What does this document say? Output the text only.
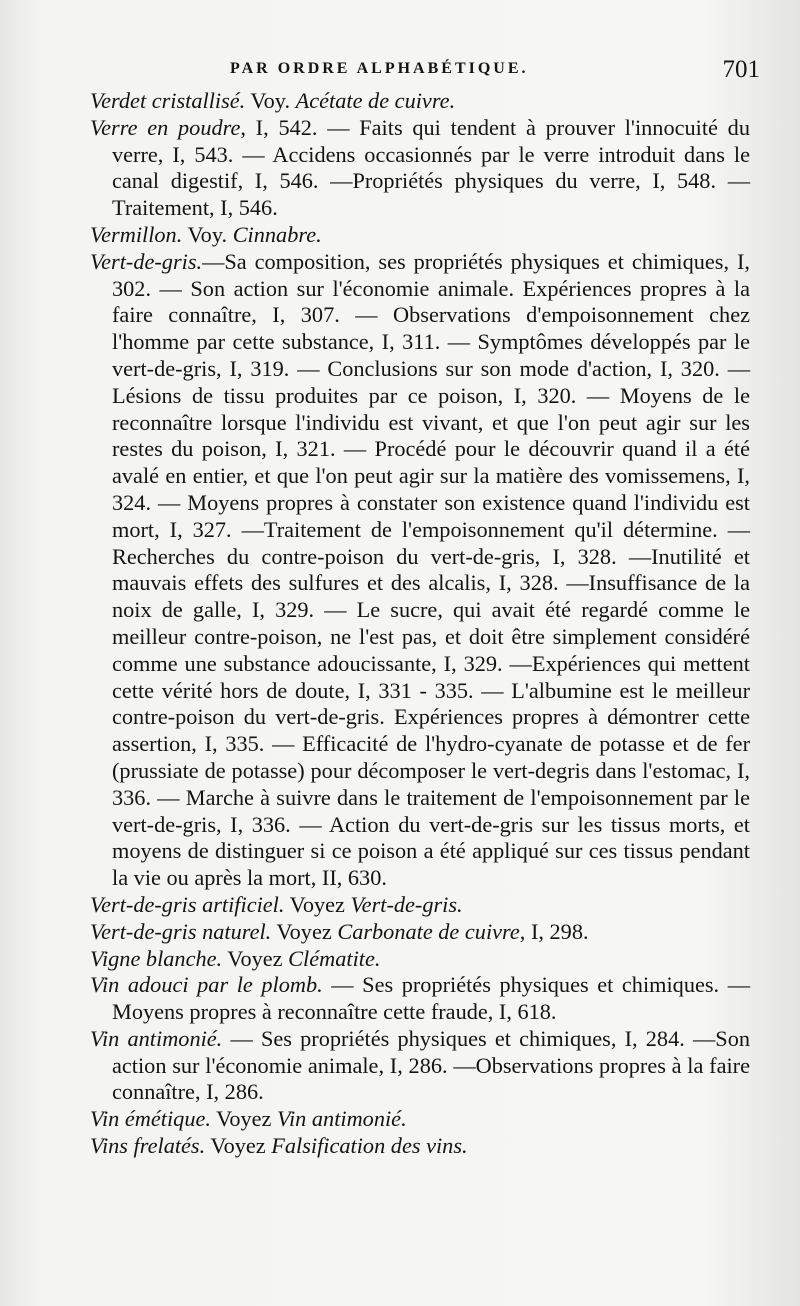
PAR ORDRE ALPHABÉTIQUE.	701

Verdet cristallisé. Voy. Acétate de cuivre.

Verre en poudre, I, 542. — Faits qui tendent à prouver l'innocuité du verre, I, 543. — Accidens occasionnés par le verre introduit dans le canal digestif, I, 546. —Propriétés physiques du verre, I, 548. — Traitement, I, 546.

Vermillon. Voy. Cinnabre.

Vert-de-gris.—Sa composition, ses propriétés physiques et chimiques, I, 302. — Son action sur l'économie animale. Expériences propres à la faire connaître, I, 307. — Observations d'empoisonnement chez l'homme par cette substance, I, 311. — Symptômes développés par le vert-de-gris, I, 319. — Conclusions sur son mode d'action, I, 320. — Lésions de tissu produites par ce poison, I, 320. — Moyens de le reconnaître lorsque l'individu est vivant, et que l'on peut agir sur les restes du poison, I, 321. — Procédé pour le découvrir quand il a été avalé en entier, et que l'on peut agir sur la matière des vomissemens, I, 324. — Moyens propres à constater son existence quand l'individu est mort, I, 327. —Traitement de l'empoisonnement qu'il détermine. —Recherches du contre-poison du vert-de-gris, I, 328. —Inutilité et mauvais effets des sulfures et des alcalis, I, 328. —Insuffisance de la noix de galle, I, 329. — Le sucre, qui avait été regardé comme le meilleur contre-poison, ne l'est pas, et doit être simplement considéré comme une substance adoucissante, I, 329. —Expériences qui mettent cette vérité hors de doute, I, 331 - 335. — L'albumine est le meilleur contre-poison du vert-de-gris. Expériences propres à démontrer cette assertion, I, 335. — Efficacité de l'hydro-cyanate de potasse et de fer (prussiate de potasse) pour décomposer le vert-degris dans l'estomac, I, 336. — Marche à suivre dans le traitement de l'empoisonnement par le vert-de-gris, I, 336. — Action du vert-de-gris sur les tissus morts, et moyens de distinguer si ce poison a été appliqué sur ces tissus pendant la vie ou après la mort, II, 630.

Vert-de-gris artificiel. Voyez Vert-de-gris.

Vert-de-gris naturel. Voyez Carbonate de cuivre, I, 298.

Vigne blanche. Voyez Clématite.

Vin adouci par le plomb. — Ses propriétés physiques et chimiques. —Moyens propres à reconnaître cette fraude, I, 618.

Vin antimonié. — Ses propriétés physiques et chimiques, I, 284. —Son action sur l'économie animale, I, 286. —Observations propres à la faire connaître, I, 286.

Vin émétique. Voyez Vin antimonié.

Vins frelatés. Voyez Falsification des vins.
